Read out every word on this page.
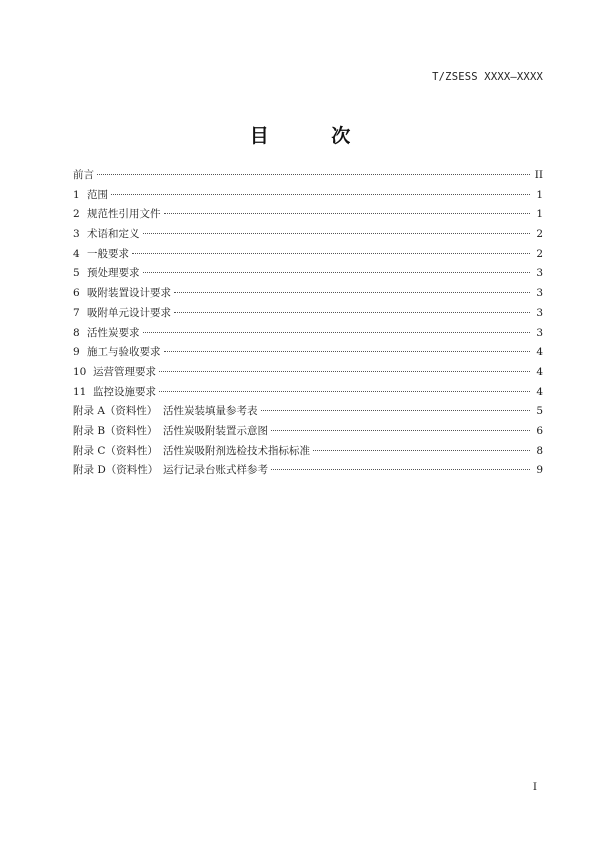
T/ZSESS XXXX—XXXX
目 次
前言	II
1 范围	1
2 规范性引用文件	1
3 术语和定义	2
4 一般要求	2
5 预处理要求	3
6 吸附装置设计要求	3
7 吸附单元设计要求	3
8 活性炭要求	3
9 施工与验收要求	4
10 运营管理要求	4
11 监控设施要求	4
附录 A（资料性） 活性炭装填量参考表	5
附录 B（资料性） 活性炭吸附装置示意图	6
附录 C（资料性） 活性炭吸附剂选检技术指标标准	8
附录 D（资料性） 运行记录台账式样参考	9
I
